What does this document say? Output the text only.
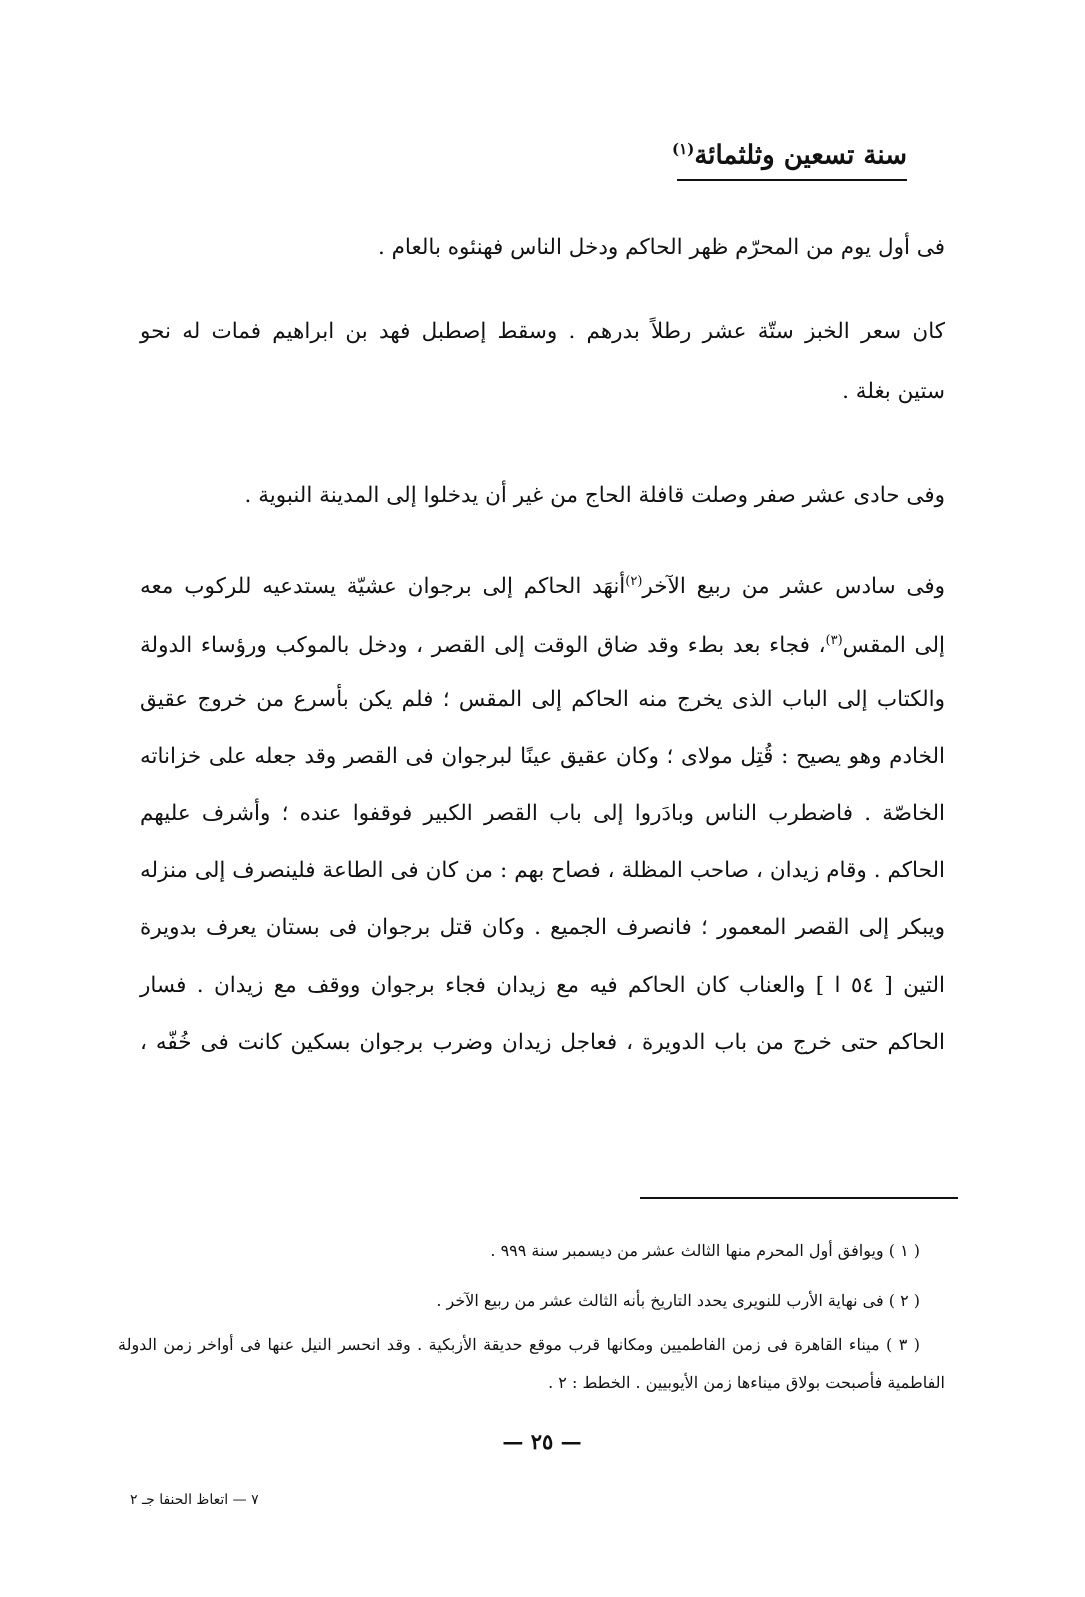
سنة تسعين وثلثمائة$^{(١)}$
فى أول يوم من المحرّم ظهر الحاكم ودخل الناس فهنئوه بالعام .
كان سعر الخبز ستّة عشر رطلاً بدرهم . وسقط إصطبل فهد بن ابراهيم فمات له نحو
ستين بغلة .
وفى حادى عشر صفر وصلت قافلة الحاج من غير أن يدخلوا إلى المدينة النبوية .
وفى سادس عشر من ربيع الآخر$^{(٢)}$أنهَد الحاكم إلى برجوان عشيّة يستدعيه للركوب معه
إلى المقس$^{(٣)}$، فجاء بعد بطء وقد ضاق الوقت إلى القصر ، ودخل بالموكب ورؤساء الدولة
والكتاب إلى الباب الذى يخرج منه الحاكم إلى المقس ؛ فلم يكن بأسرع من خروج عقيق
الخادم وهو يصيح : قُتِل مولاى ؛ وكان عقيق عينًا لبرجوان فى القصر وقد جعله على خزاناته
الخاصّة . فاضطرب الناس وبادَروا إلى باب القصر الكبير فوقفوا عنده ؛ وأشرف عليهم
الحاكم . وقام زيدان ، صاحب المظلة ، فصاح بهم : من كان فى الطاعة فلينصرف إلى منزله
ويبكر إلى القصر المعمور ؛ فانصرف الجميع . وكان قتل برجوان فى بستان يعرف بدويرة
التين [ ٥٤ ا ] والعناب كان الحاكم فيه مع زيدان فجاء برجوان ووقف مع زيدان . فسار
الحاكم حتى خرج من باب الدويرة ، فعاجل زيدان وضرب برجوان بسكين كانت فى خُفّه ،
( ١ ) ويوافق أول المحرم منها الثالث عشر من ديسمبر سنة ٩٩٩ .
( ٢ ) فى نهاية الأرب للنويرى يحدد التاريخ بأنه الثالث عشر من ربيع الآخر .
( ٣ ) ميناء القاهرة فى زمن الفاطميين ومكانها قرب موقع حديقة الأزبكية . وقد انحسر النيل عنها فى أواخر زمن الدولة
الفاطمية فأصبحت بولاق ميناءها زمن الأيوبيين . الخطط : ٢ .
— ٢٥ —
٧ — اتعاظ الحنفا جـ ٢
